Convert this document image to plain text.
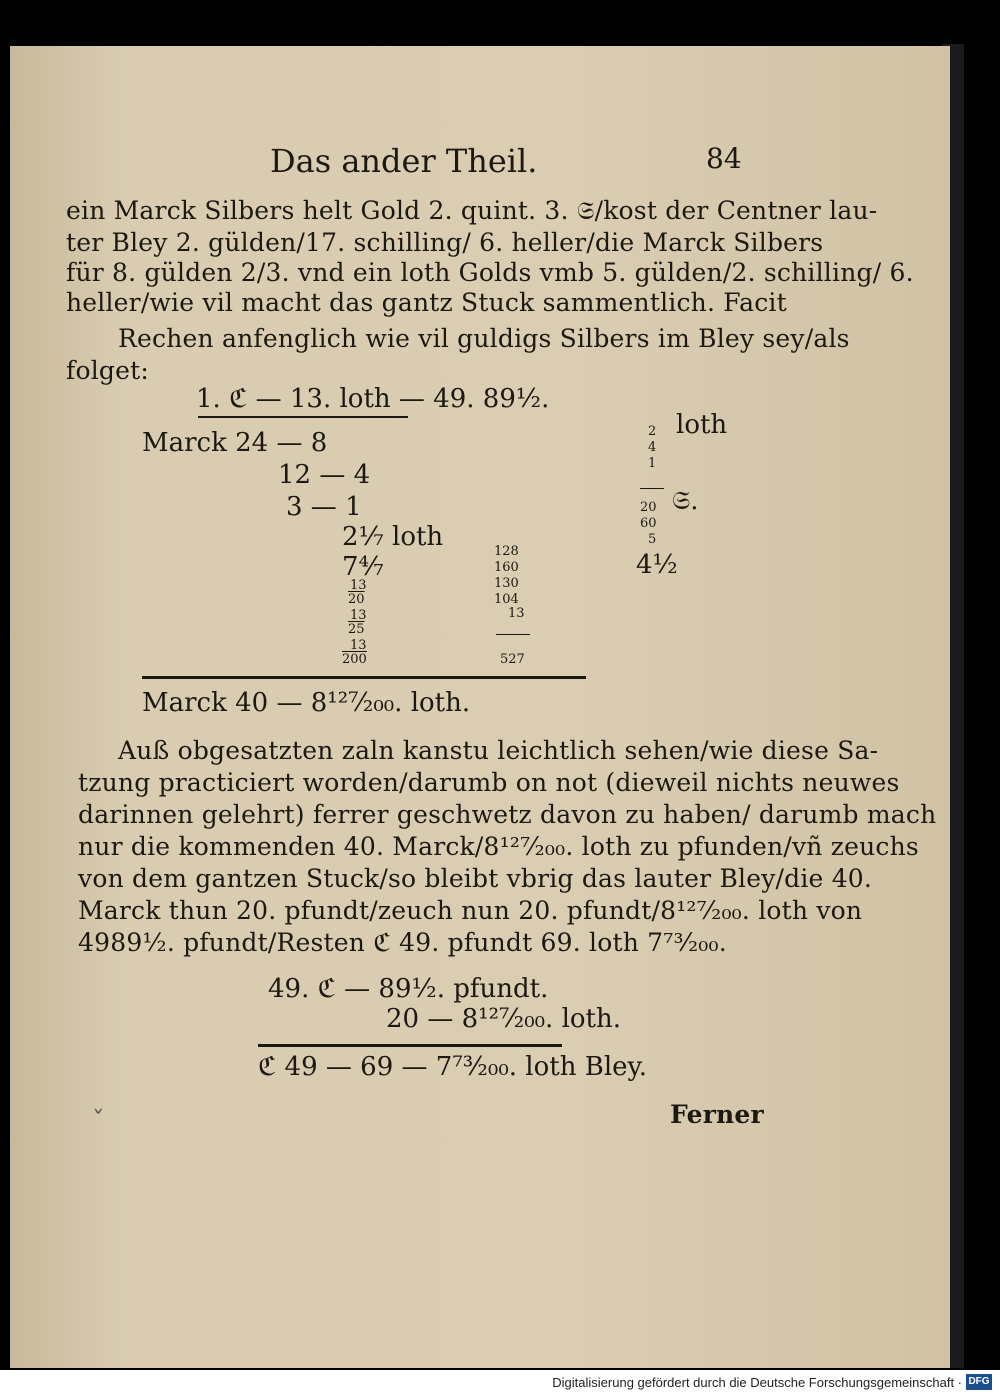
Das ander Theil.	84
ein Marck Silbers helt Gold 2. quint. 3. 𝔖/kost der Centner lau-
ter Bley 2. gülden/17. schilling/ 6. heller/die Marck Silbers
für 8. gülden 2/3. vnd ein loth Golds vmb 5. gülden/2. schilling/ 6.
heller/wie vil macht das gantz Stuck sammentlich. Facit
Rechen anfenglich wie vil guldigs Silbers im Bley sey/als
folget:
1. ℭ — 13. loth — 49. 89½.
Marck 24 — 8
12 — 4
3 — 1
2⅐ loth
7⁴⁄₇
13
20
13
25
13
200
128
160
130
104
13
527
loth
2
4
1
20 𝔖.
60
5
4¹⁄₂
Marck 40 — 8¹²⁷⁄₂₀₀. loth.
Auß obgesatzten zaln kanstu leichtlich sehen/wie diese Sa-
tzung practiciert worden/darumb on not (dieweil nichts neuwes
darinnen gelehrt) ferrer geschwetz davon zu haben/ darumb mach
nur die kommenden 40. Marck/8¹²⁷⁄₂₀₀. loth zu pfunden/vñ zeuchs
von dem gantzen Stuck/so bleibt vbrig das lauter Bley/die 40.
Marck thun 20. pfundt/zeuch nun 20. pfundt/8¹²⁷⁄₂₀₀. loth von
4989½. pfundt/Resten ℭ 49. pfundt 69. loth 7⁷³⁄₂₀₀.
49. ℭ — 89½. pfundt.
20 — 8¹²⁷⁄₂₀₀. loth.
ℭ 49 — 69 — 7⁷³⁄₂₀₀. loth Bley.
Ferner
ˇ
Digitalisierung gefördert durch die Deutsche Forschungsgemeinschaft · DFG
